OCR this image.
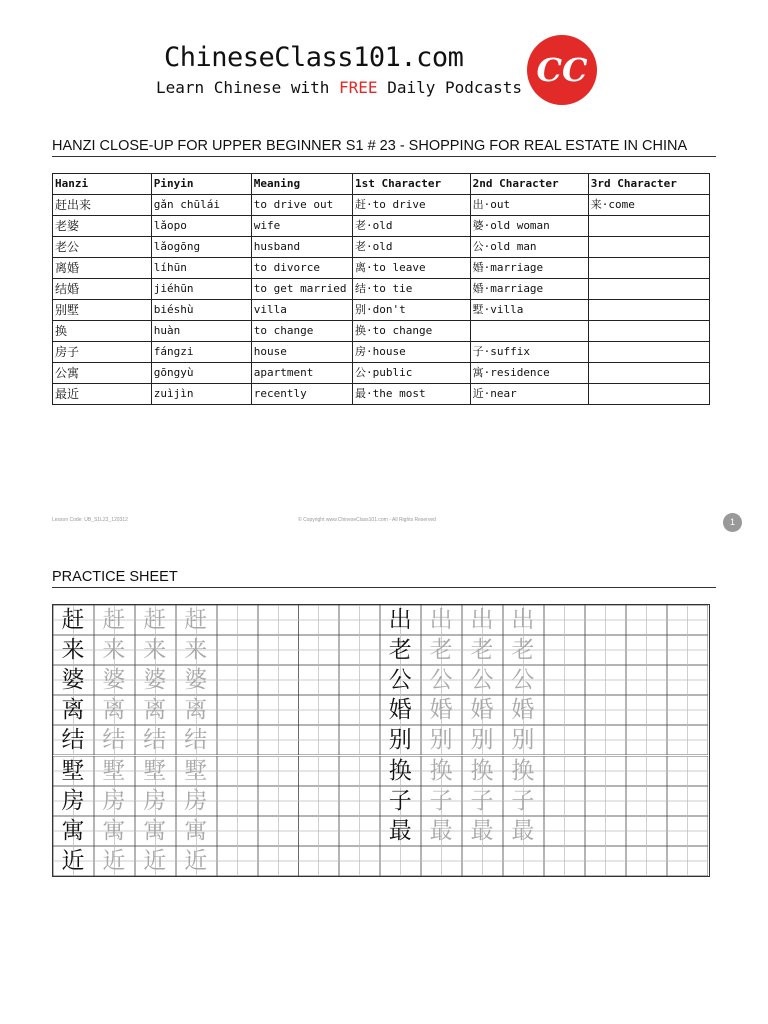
ChineseClass101.com
Learn Chinese with FREE Daily Podcasts CC
HANZI CLOSE-UP FOR UPPER BEGINNER S1 # 23 - SHOPPING FOR REAL ESTATE IN CHINA
Hanzi	Pinyin	Meaning	1st Character	2nd Character	3rd Character
赶出来	gǎn chūlái	to drive out	赶·to drive	出·out	来·come
老婆	lǎopo	wife	老·old	婆·old woman	
老公	lǎogōng	husband	老·old	公·old man	
离婚	líhūn	to divorce	离·to leave	婚·marriage	
结婚	jiéhūn	to get married	结·to tie	婚·marriage	
别墅	biéshù	villa	别·don't	墅·villa	
换	huàn	to change	换·to change		
房子	fángzi	house	房·house	子·suffix	
公寓	gōngyù	apartment	公·public	寓·residence	
最近	zuìjìn	recently	最·the most	近·near	
Lesson Code: UB_S1L23_120312	© Copyright www.ChineseClass101.com - All Rights Reserved	1
PRACTICE SHEET
赶 赶 赶 赶	出 出 出 出
来 来 来 来	老 老 老 老
婆 婆 婆 婆	公 公 公 公
离 离 离 离	婚 婚 婚 婚
结 结 结 结	别 别 别 别
墅 墅 墅 墅	换 换 换 换
房 房 房 房	子 子 子 子
寓 寓 寓 寓	最 最 最 最
近 近 近 近
